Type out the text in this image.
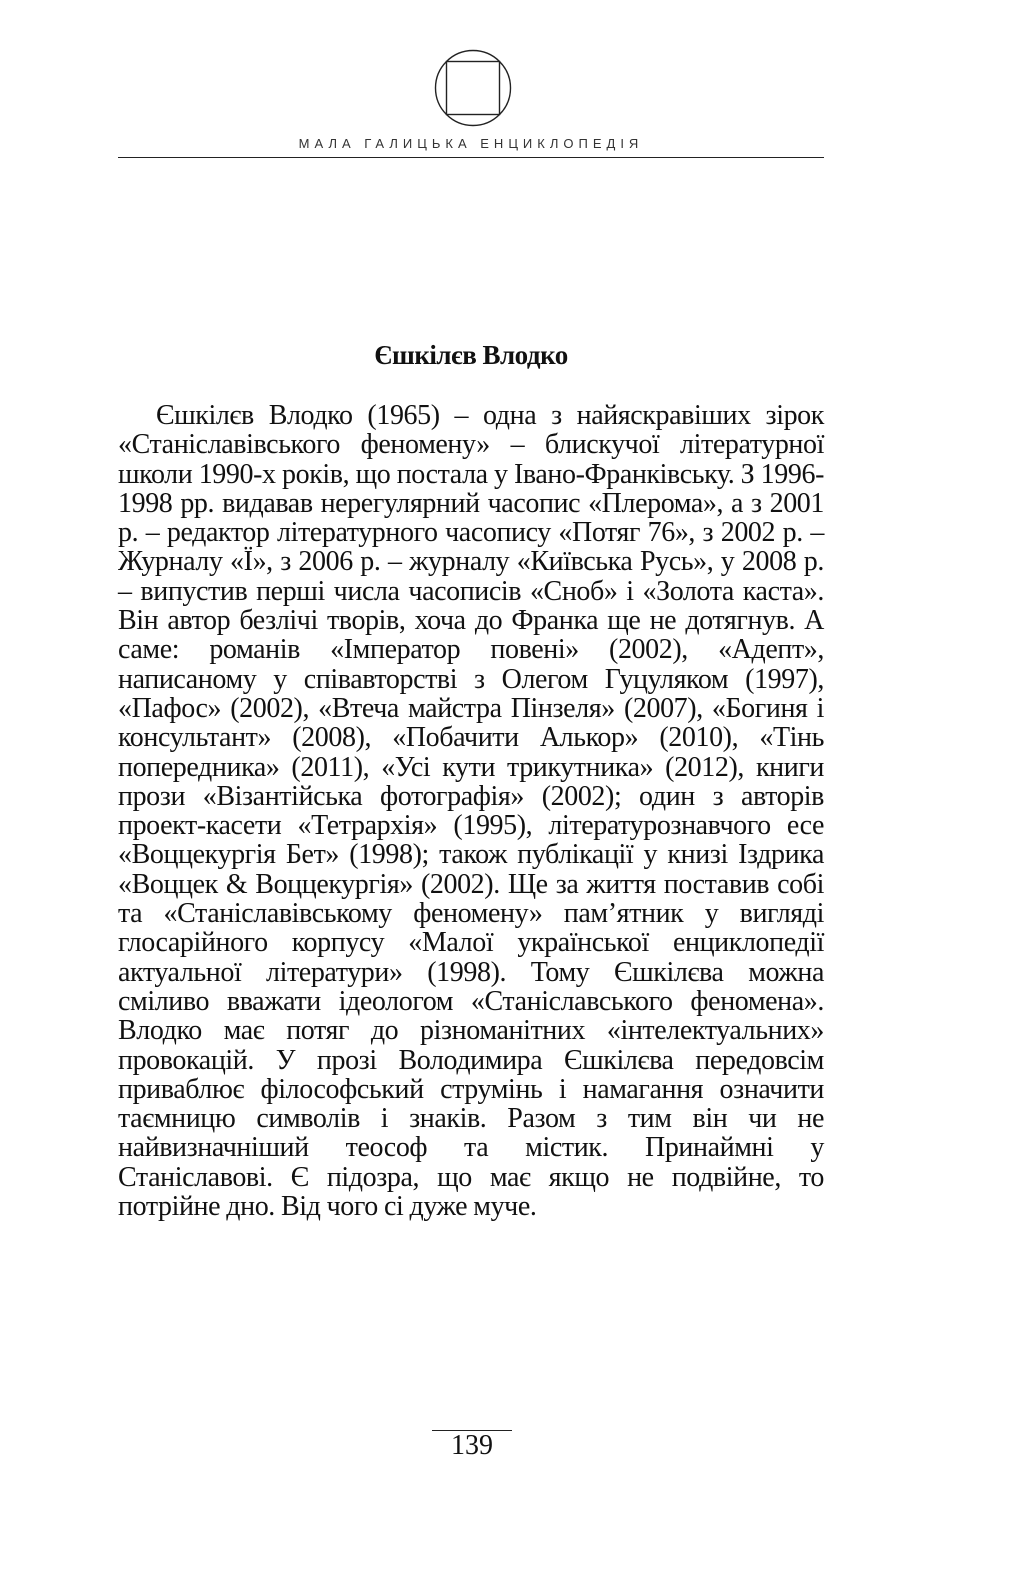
МАЛА ГАЛИЦЬКА ЕНЦИКЛОПЕДІЯ
Єшкілєв Влодко

Єшкілєв Влодко (1965) – одна з найяскравіших зірок «Станіславівського феномену» – блискучої літературної школи 1990-х років, що постала у Івано-Франківську. З 1996-1998 рр. видавав нерегулярний часопис «Плерома», а з 2001 р. – редактор літературного часопису «Потяг 76», з 2002 р. – Журналу «Ї», з 2006 р. – журналу «Київська Русь», у 2008 р. – випустив перші числа часописів «Сноб» і «Золота каста». Він автор безлічі творів, хоча до Франка ще не дотягнув. А саме: романів «Імператор повені» (2002), «Адепт», написаному у співавторстві з Олегом Гуцуляком (1997), «Пафос» (2002), «Втеча майстра Пінзеля» (2007), «Богиня і консультант» (2008), «Побачити Алькор» (2010), «Тінь попередника» (2011), «Усі кути трикутника» (2012), книги прози «Візантійська фотографія» (2002); один з авторів проект-касети «Тетрархія» (1995), літературознавчого есе «Воццекургія Бет» (1998); також публікації у книзі Іздрика «Воццек & Воццекургія» (2002). Ще за життя поставив собі та «Станіславівському феномену» пам’ятник у вигляді глосарійного корпусу «Малої української енциклопедії актуальної літератури» (1998). Тому Єшкілєва можна сміливо вважати ідеологом «Станіславського феномена». Влодко має потяг до різноманітних «інтелектуальних» провокацій. У прозі Володимира Єшкілєва передовсім приваблює філософський струмінь і намагання означити таємницю символів і знаків. Разом з тим він чи не найвизначніший теософ та містик. Принаймні у Станіславові. Є підозра, що має якщо не подвійне, то потрійне дно. Від чого сі дуже муче.

139
